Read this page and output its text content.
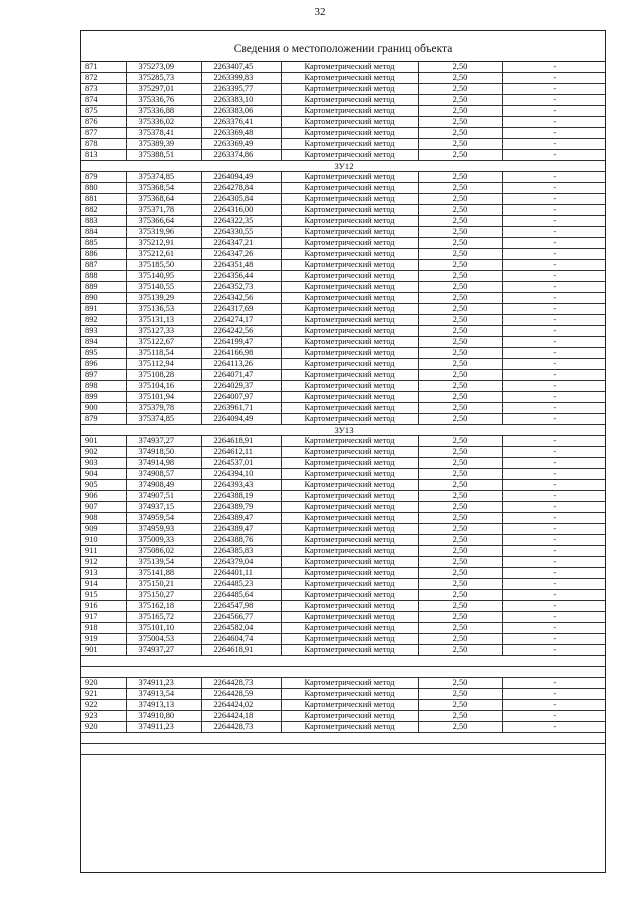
32
Сведения о местоположении границ объекта
871	375273,09	2263407,45	Картометрический метод	2,50	-
872	375285,73	2263399,83	Картометрический метод	2,50	-
873	375297,01	2263395,77	Картометрический метод	2,50	-
874	375336,76	2263383,10	Картометрический метод	2,50	-
875	375336,88	2263383,06	Картометрический метод	2,50	-
876	375336,02	2263376,41	Картометрический метод	2,50	-
877	375378,41	2263369,48	Картометрический метод	2,50	-
878	375389,39	2263369,49	Картометрический метод	2,50	-
813	375388,51	2263374,86	Картометрический метод	2,50	-
ЗУ12					
879	375374,85	2264094,49	Картометрический метод	2,50	-
880	375368,54	2264278,84	Картометрический метод	2,50	-
881	375368,64	2264305,84	Картометрический метод	2,50	-
882	375371,78	2264316,00	Картометрический метод	2,50	-
883	375366,64	2264322,35	Картометрический метод	2,50	-
884	375319,96	2264330,55	Картометрический метод	2,50	-
885	375212,91	2264347,21	Картометрический метод	2,50	-
886	375212,61	2264347,26	Картометрический метод	2,50	-
887	375185,50	2264351,48	Картометрический метод	2,50	-
888	375140,95	2264356,44	Картометрический метод	2,50	-
889	375140,55	2264352,73	Картометрический метод	2,50	-
890	375139,29	2264342,56	Картометрический метод	2,50	-
891	375136,53	2264317,69	Картометрический метод	2,50	-
892	375131,13	2264274,17	Картометрический метод	2,50	-
893	375127,33	2264242,56	Картометрический метод	2,50	-
894	375122,67	2264199,47	Картометрический метод	2,50	-
895	375118,54	2264166,98	Картометрический метод	2,50	-
896	375112,94	2264113,26	Картометрический метод	2,50	-
897	375108,28	2264071,47	Картометрический метод	2,50	-
898	375104,16	2264029,37	Картометрический метод	2,50	-
899	375101,94	2264007,97	Картометрический метод	2,50	-
900	375379,78	2263961,71	Картометрический метод	2,50	-
879	375374,85	2264094,49	Картометрический метод	2,50	-
ЗУ13					
901	374937,27	2264618,91	Картометрический метод	2,50	-
902	374918,50	2264612,11	Картометрический метод	2,50	-
903	374914,98	2264537,01	Картометрический метод	2,50	-
904	374908,57	2264394,10	Картометрический метод	2,50	-
905	374908,49	2264393,43	Картометрический метод	2,50	-
906	374907,51	2264388,19	Картометрический метод	2,50	-
907	374937,15	2264389,79	Картометрический метод	2,50	-
908	374959,54	2264389,47	Картометрический метод	2,50	-
909	374959,93	2264389,47	Картометрический метод	2,50	-
910	375009,33	2264388,76	Картометрический метод	2,50	-
911	375086,02	2264385,83	Картометрический метод	2,50	-
912	375139,54	2264379,04	Картометрический метод	2,50	-
913	375141,88	2264401,11	Картометрический метод	2,50	-
914	375150,21	2264485,23	Картометрический метод	2,50	-
915	375150,27	2264485,64	Картометрический метод	2,50	-
916	375162,18	2264547,98	Картометрический метод	2,50	-
917	375165,72	2264566,77	Картометрический метод	2,50	-
918	375101,10	2264582,04	Картометрический метод	2,50	-
919	375004,53	2264604,74	Картометрический метод	2,50	-
901	374937,27	2264618,91	Картометрический метод	2,50	-

920	374911,23	2264428,73	Картометрический метод	2,50	-
921	374913,54	2264428,59	Картометрический метод	2,50	-
922	374913,13	2264424,02	Картометрический метод	2,50	-
923	374910,80	2264424,18	Картометрический метод	2,50	-
920	374911,23	2264428,73	Картометрический метод	2,50	-
